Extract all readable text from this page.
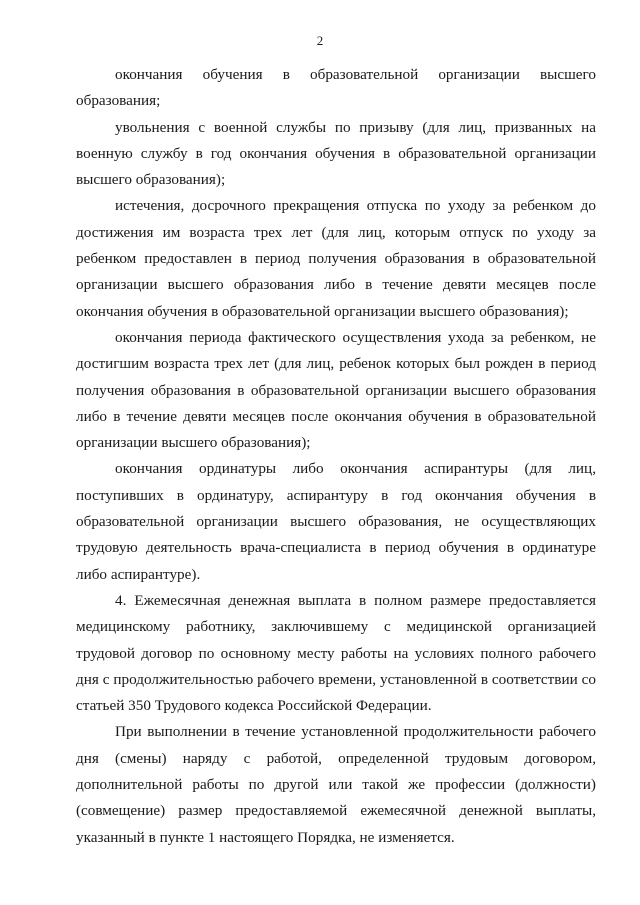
2

окончания обучения в образовательной организации высшего образования;

увольнения с военной службы по призыву (для лиц, призванных на военную службу в год окончания обучения в образовательной организации высшего образования);

истечения, досрочного прекращения отпуска по уходу за ребенком до достижения им возраста трех лет (для лиц, которым отпуск по уходу за ребенком предоставлен в период получения образования в образовательной организации высшего образования либо в течение девяти месяцев после окончания обучения в образовательной организации высшего образования);

окончания периода фактического осуществления ухода за ребенком, не достигшим возраста трех лет (для лиц, ребенок которых был рожден в период получения образования в образовательной организации высшего образования либо в течение девяти месяцев после окончания обучения в образовательной организации высшего образования);

окончания ординатуры либо окончания аспирантуры (для лиц, поступивших в ординатуру, аспирантуру в год окончания обучения в образовательной организации высшего образования, не осуществляющих трудовую деятельность врача-специалиста в период обучения в ординатуре либо аспирантуре).

4. Ежемесячная денежная выплата в полном размере предоставляется медицинскому работнику, заключившему с медицинской организацией трудовой договор по основному месту работы на условиях полного рабочего дня с продолжительностью рабочего времени, установленной в соответствии со статьей 350 Трудового кодекса Российской Федерации.

При выполнении в течение установленной продолжительности рабочего дня (смены) наряду с работой, определенной трудовым договором, дополнительной работы по другой или такой же профессии (должности) (совмещение) размер предоставляемой ежемесячной денежной выплаты, указанный в пункте 1 настоящего Порядка, не изменяется.
